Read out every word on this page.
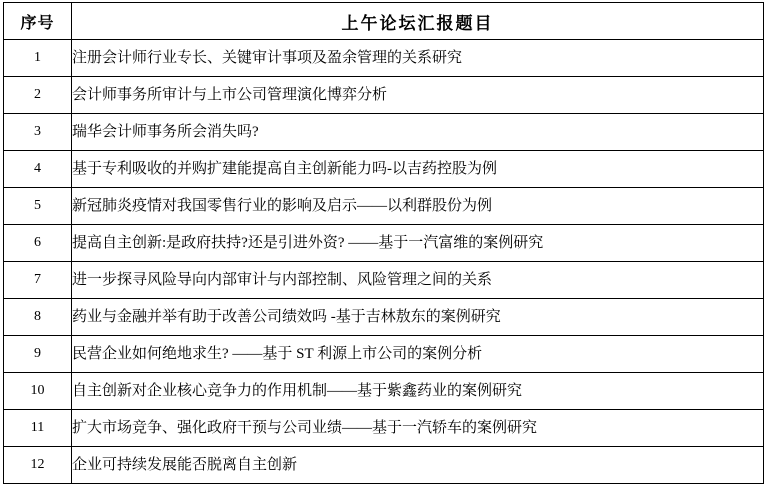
序号	上午论坛汇报题目
1	注册会计师行业专长、关键审计事项及盈余管理的关系研究
2	会计师事务所审计与上市公司管理演化博弈分析
3	瑞华会计师事务所会消失吗?
4	基于专利吸收的并购扩建能提高自主创新能力吗-以吉药控股为例
5	新冠肺炎疫情对我国零售行业的影响及启示——以利群股份为例
6	提高自主创新:是政府扶持?还是引进外资? ——基于一汽富维的案例研究
7	进一步探寻风险导向内部审计与内部控制、风险管理之间的关系
8	药业与金融并举有助于改善公司绩效吗 -基于吉林敖东的案例研究
9	民营企业如何绝地求生? ——基于 ST 利源上市公司的案例分析
10	自主创新对企业核心竞争力的作用机制——基于紫鑫药业的案例研究
11	扩大市场竞争、强化政府干预与公司业绩——基于一汽轿车的案例研究
12	企业可持续发展能否脱离自主创新
